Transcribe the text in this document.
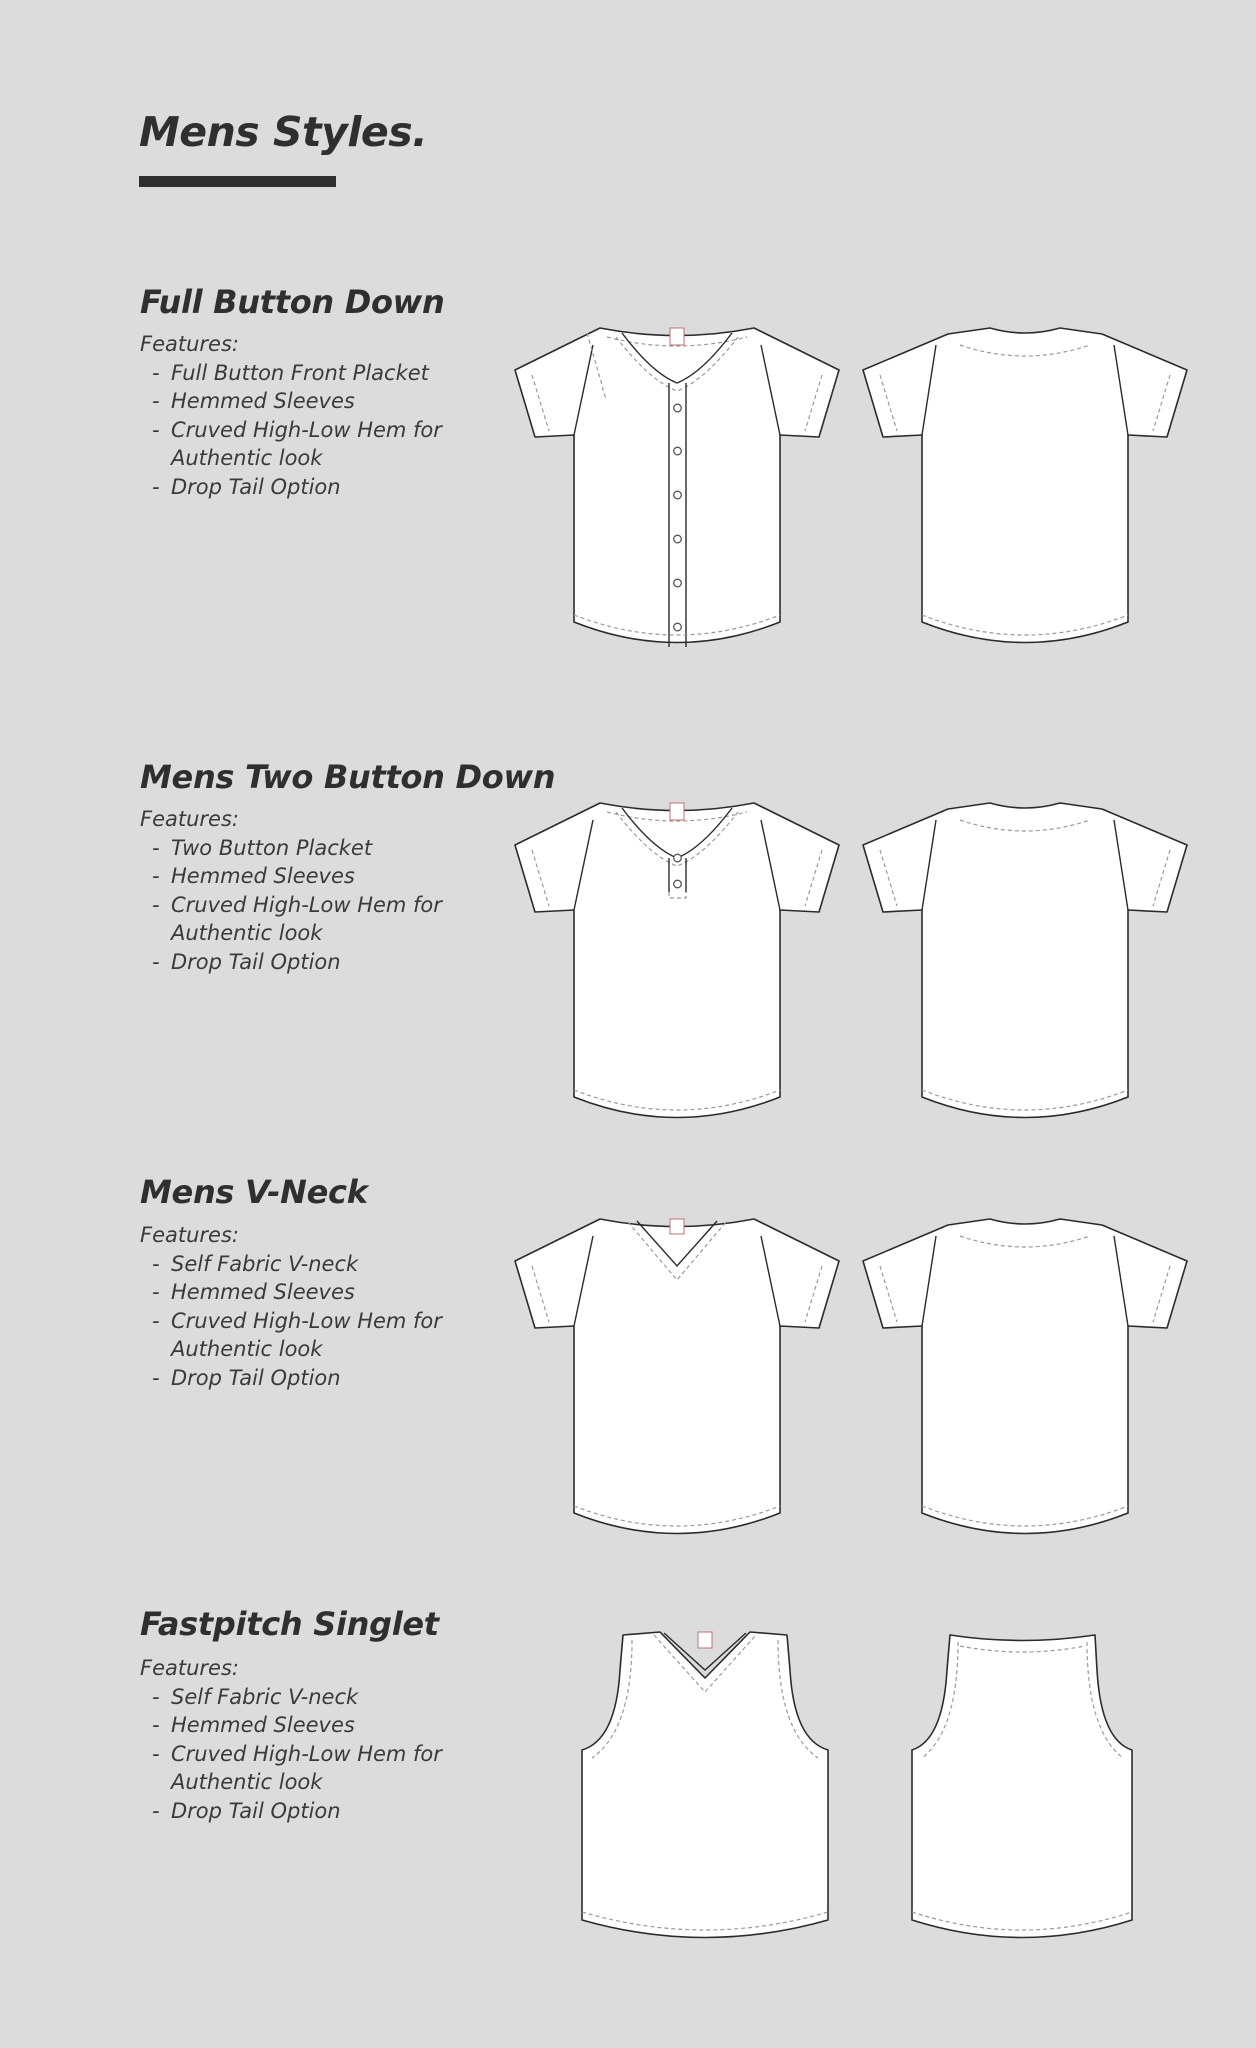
Mens Styles.
Full Button Down
Features:
- Full Button Front Placket
- Hemmed Sleeves
- Cruved High-Low Hem for Authentic look
- Drop Tail Option
Mens Two Button Down
Features:
- Two Button Placket
- Hemmed Sleeves
- Cruved High-Low Hem for Authentic look
- Drop Tail Option
Mens V-Neck
Features:
- Self Fabric V-neck
- Hemmed Sleeves
- Cruved High-Low Hem for Authentic look
- Drop Tail Option
Fastpitch Singlet
Features:
- Self Fabric V-neck
- Hemmed Sleeves
- Cruved High-Low Hem for Authentic look
- Drop Tail Option
